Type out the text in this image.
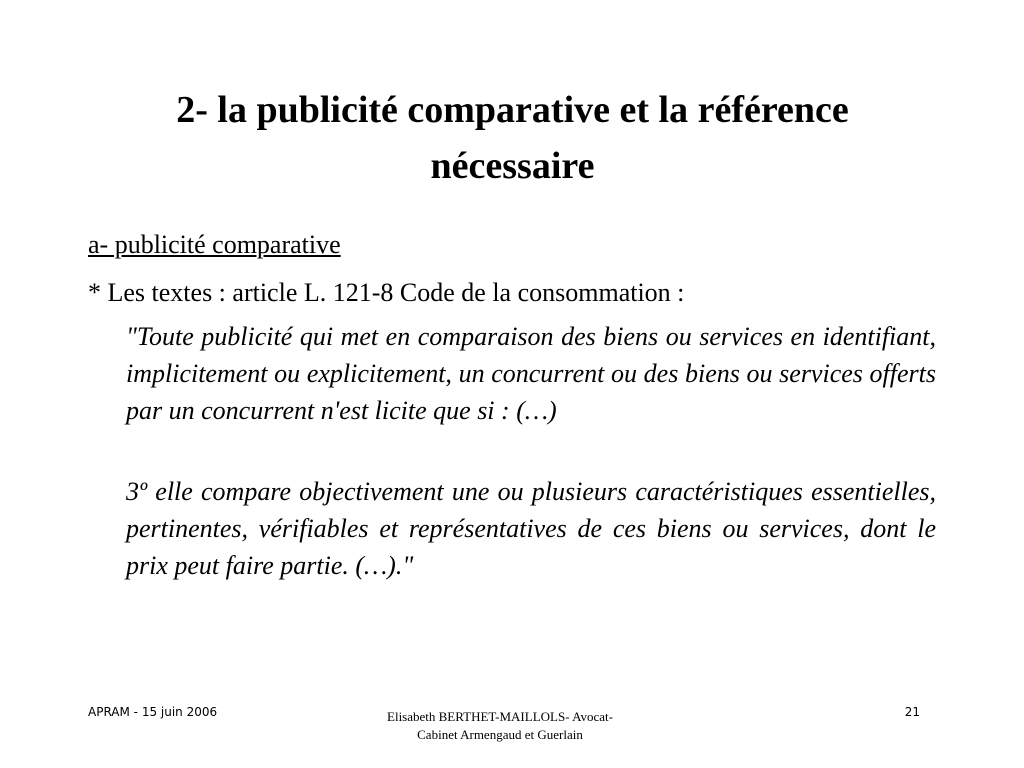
2- la publicité comparative et la référence nécessaire
a- publicité comparative
* Les textes : article L. 121-8 Code de la consommation :

"Toute publicité qui met en comparaison des biens ou services en identifiant, implicitement ou explicitement, un concurrent ou des biens ou services offerts par un concurrent n'est licite que si : (…)

3º elle compare objectivement une ou plusieurs caractéristiques essentielles, pertinentes, vérifiables et représentatives de ces biens ou services, dont le prix peut faire partie. (…)."

APRAM - 15 juin 2006	Elisabeth BERTHET-MAILLOLS- Avocat-
Cabinet Armengaud et Guerlain
21
